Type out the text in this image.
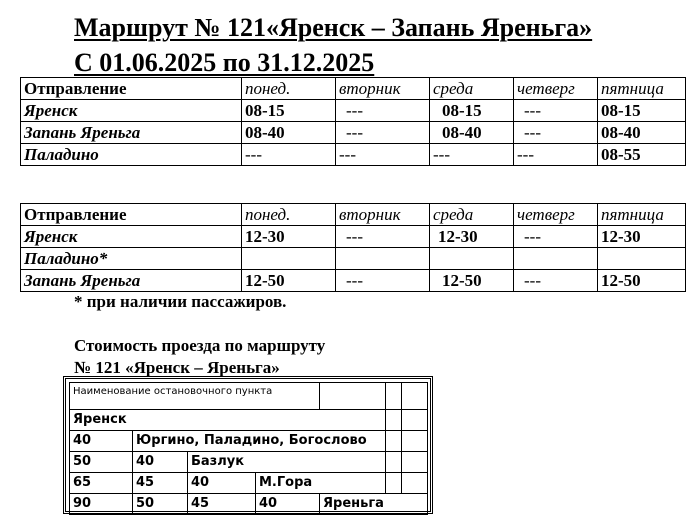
Маршрут № 121«Яренск – Запань Яреньга»
С 01.06.2025 по 31.12.2025
Отправление	понед.	вторник	среда	четверг	пятница
Яренск	08-15	---	08-15	---	08-15
Запань Яреньга	08-40	---	08-40	---	08-40
Паладино	---	---	---	---	08-55
Отправление	понед.	вторник	среда	четверг	пятница
Яренск	12-30	---	12-30	---	12-30
Паладино*					
Запань Яреньга	12-50	---	12-50	---	12-50
* при наличии пассажиров.
Стоимость проезда по маршруту
№ 121 «Яренск – Яреньга»
Наименование остановочного пункта						
Яренск						
40	Юргино, Паладино, Богослово					
50	40	Базлук				
65	45	40	М.Гора			
90	50	45	40	Яреньга		
